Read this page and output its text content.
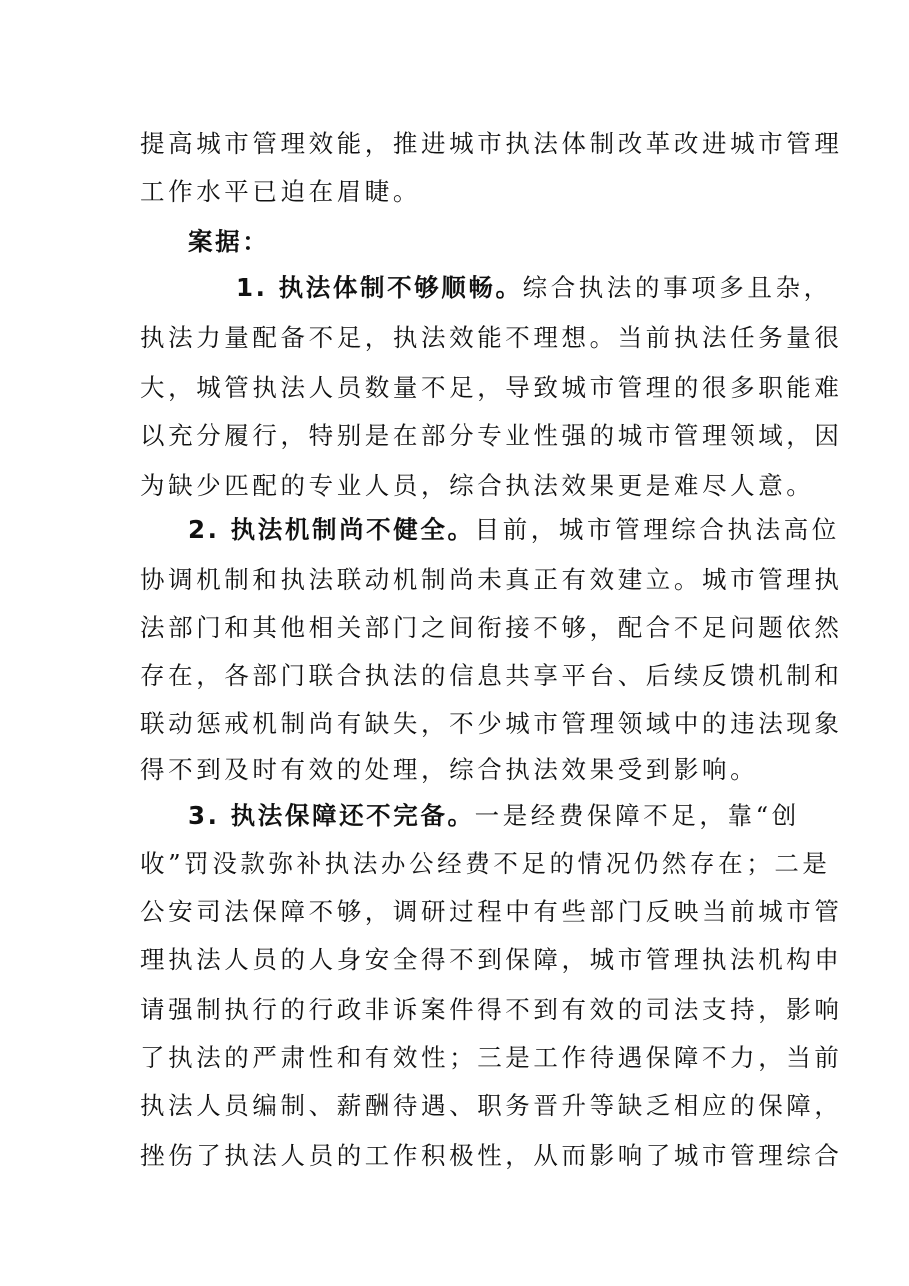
提高城市管理效能，推进城市执法体制改革改进城市管理
工作水平已迫在眉睫。
案据：
1. 执法体制不够顺畅。综合执法的事项多且杂，
执法力量配备不足，执法效能不理想。当前执法任务量很
大，城管执法人员数量不足，导致城市管理的很多职能难
以充分履行，特别是在部分专业性强的城市管理领域，因
为缺少匹配的专业人员，综合执法效果更是难尽人意。
2. 执法机制尚不健全。目前，城市管理综合执法高位
协调机制和执法联动机制尚未真正有效建立。城市管理执
法部门和其他相关部门之间衔接不够，配合不足问题依然
存在，各部门联合执法的信息共享平台、后续反馈机制和
联动惩戒机制尚有缺失，不少城市管理领域中的违法现象
得不到及时有效的处理，综合执法效果受到影响。
3. 执法保障还不完备。一是经费保障不足，靠“创
收”罚没款弥补执法办公经费不足的情况仍然存在；二是
公安司法保障不够，调研过程中有些部门反映当前城市管
理执法人员的人身安全得不到保障，城市管理执法机构申
请强制执行的行政非诉案件得不到有效的司法支持，影响
了执法的严肃性和有效性；三是工作待遇保障不力，当前
执法人员编制、薪酬待遇、职务晋升等缺乏相应的保障，
挫伤了执法人员的工作积极性，从而影响了城市管理综合
